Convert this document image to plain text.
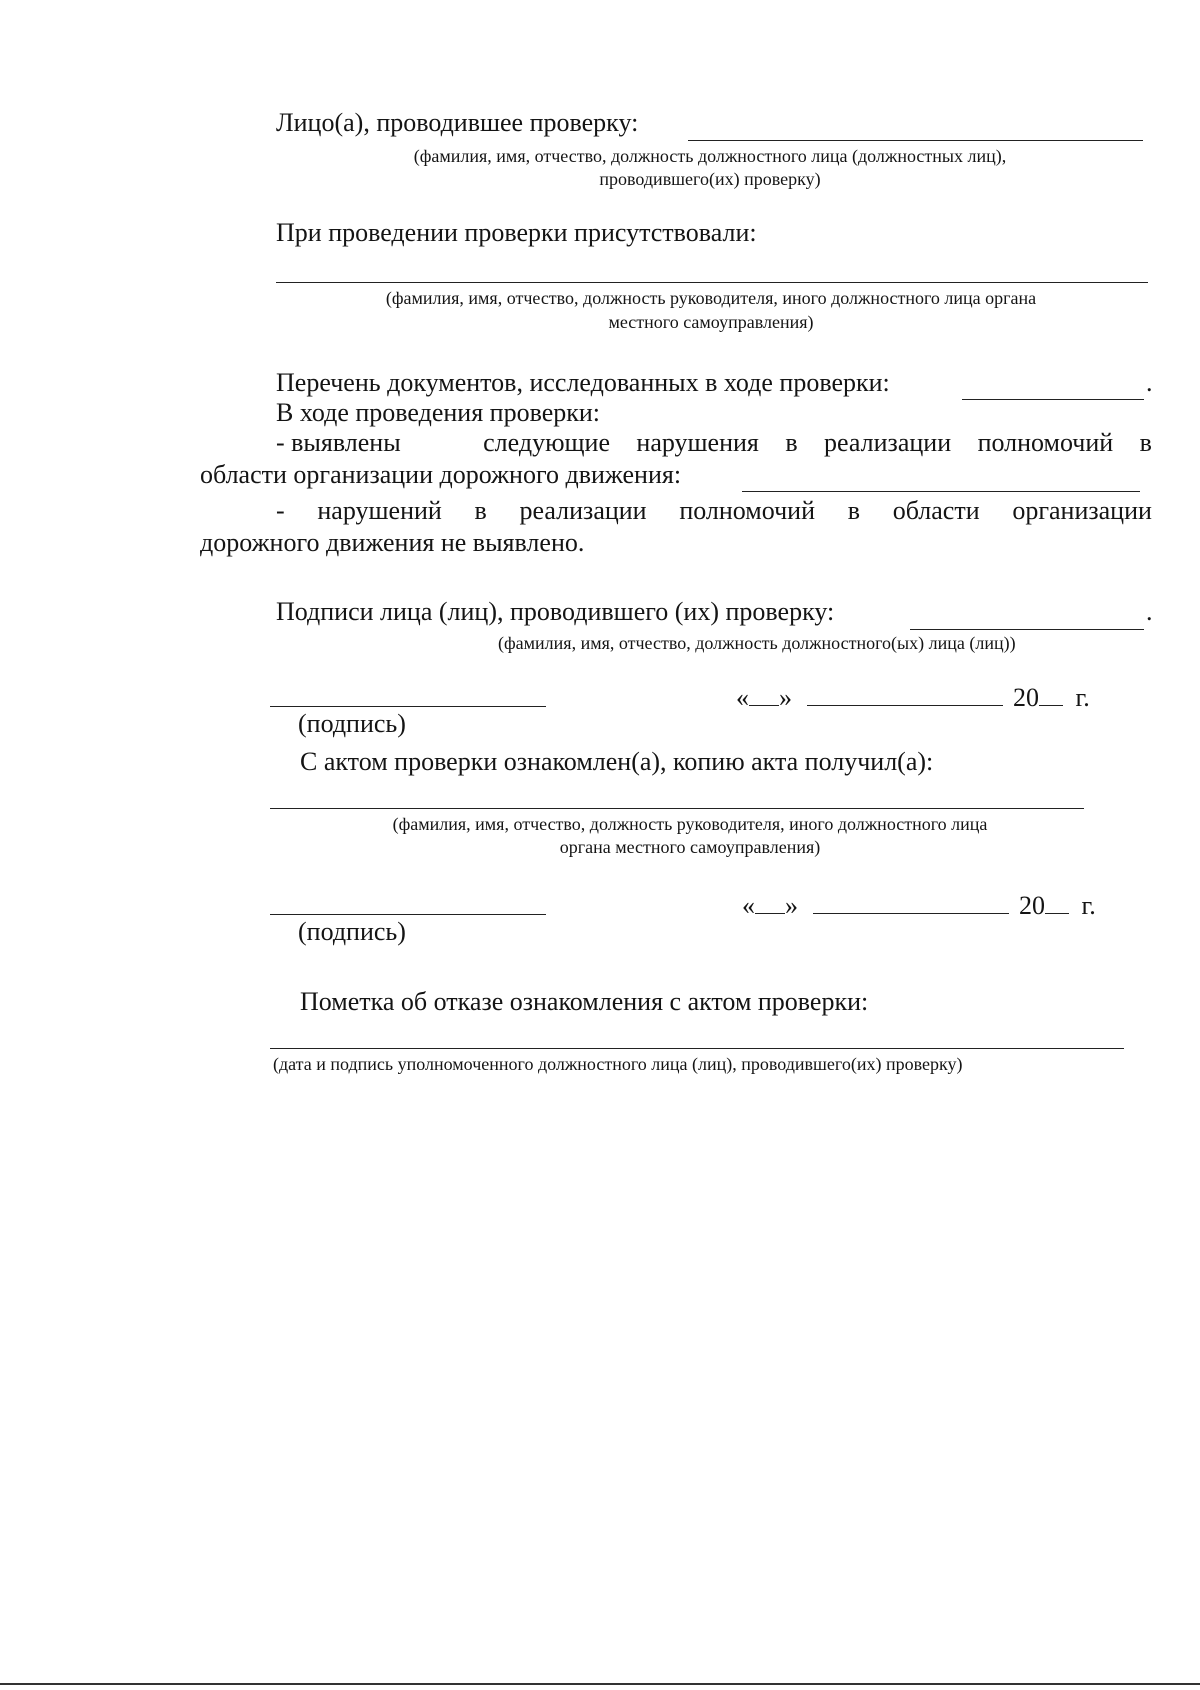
Лицо(а), проводившее проверку:
(фамилия, имя, отчество, должность должностного лица (должностных лиц),
проводившего(их) проверку)
При проведении проверки присутствовали:
(фамилия, имя, отчество, должность руководителя, иного должностного лица органа
местного самоуправления)
Перечень документов, исследованных в ходе проверки:	.
В ходе проведения проверки:
- выявлены	следующие нарушения в реализации полномочий в
области организации дорожного движения:
- нарушений в реализации полномочий в области организации
дорожного движения не выявлено.
Подписи лица (лиц), проводившего (их) проверку:	.
(фамилия, имя, отчество, должность должностного(ых) лица (лиц))
« »	20 г.
(подпись)
С актом проверки ознакомлен(а), копию акта получил(а):
(фамилия, имя, отчество, должность руководителя, иного должностного лица
органа местного самоуправления)
« »	20 г.
(подпись)
Пометка об отказе ознакомления с актом проверки:
(дата и подпись уполномоченного должностного лица (лиц), проводившего(их) проверку)
